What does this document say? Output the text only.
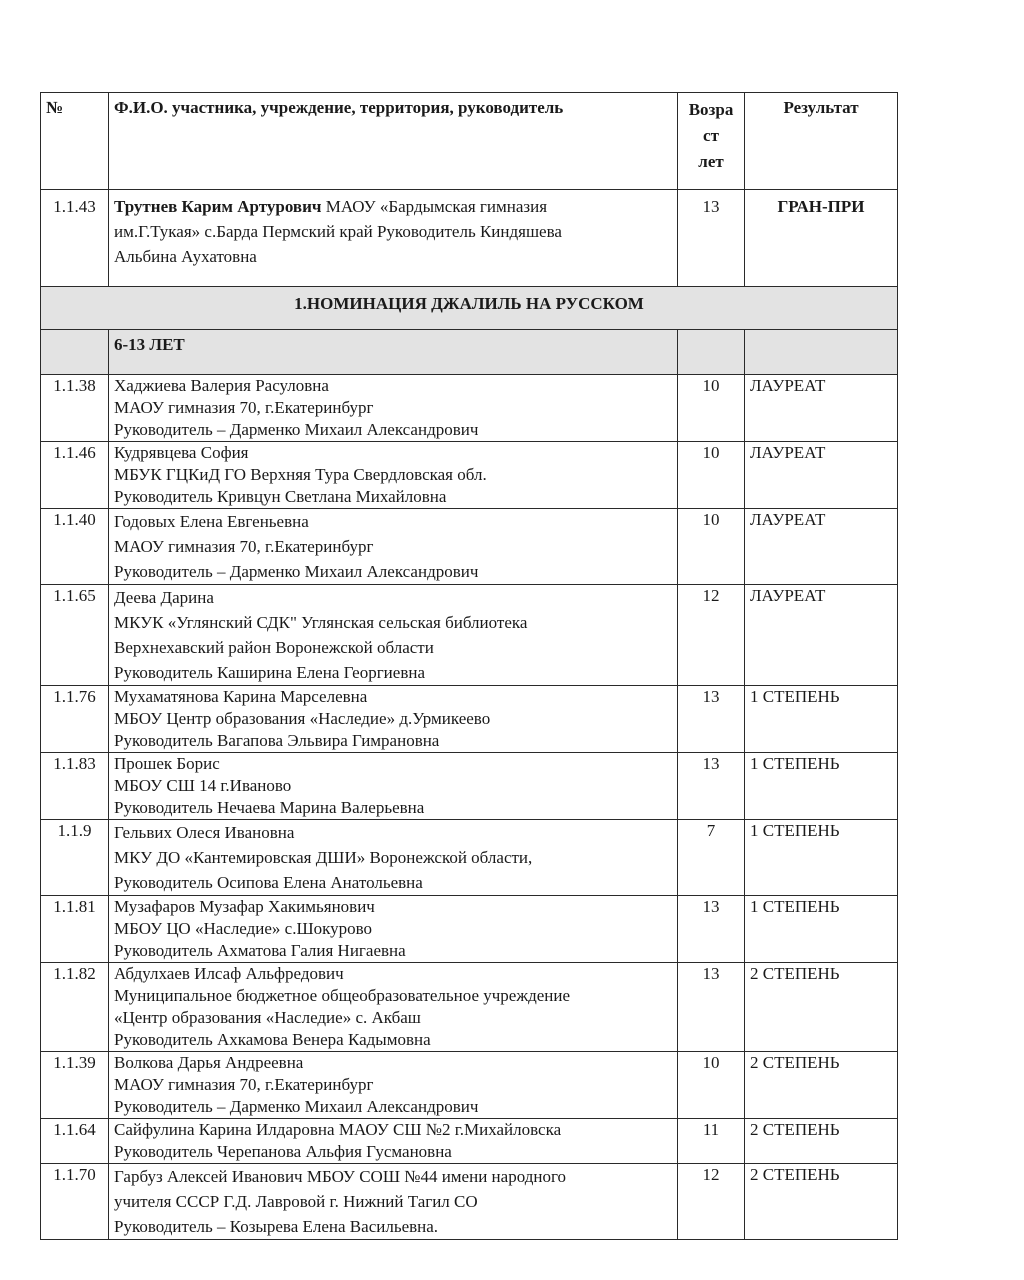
№	Ф.И.О. участника, учреждение, территория, руководитель	Возра
ст
лет	Результат
1.1.43	Трутнев Карим Артурович МАОУ «Бардымская гимназия
им.Г.Тукая» с.Барда Пермский край Руководитель Киндяшева
Альбина Аухатовна	13	ГРАН-ПРИ
1.НОМИНАЦИЯ ДЖАЛИЛЬ НА РУССКОМ			
	6-13 ЛЕТ		
1.1.38	Хаджиева Валерия Расуловна
МАОУ гимназия 70, г.Екатеринбург
Руководитель – Дарменко Михаил Александрович	10	ЛАУРЕАТ
1.1.46	Кудрявцева София
МБУК ГЦКиД ГО Верхняя Тура Свердловская обл.
Руководитель Кривцун Светлана Михайловна	10	ЛАУРЕАТ
1.1.40	Годовых Елена Евгеньевна
МАОУ гимназия 70, г.Екатеринбург
Руководитель – Дарменко Михаил Александрович	10	ЛАУРЕАТ
1.1.65	Деева Дарина
МКУК «Углянский СДК" Углянская сельская библиотека
Верхнехавский район Воронежской области
Руководитель Каширина Елена Георгиевна	12	ЛАУРЕАТ
1.1.76	Мухаматянова Карина Марселевна
МБОУ Центр образования «Наследие» д.Урмикеево
Руководитель Вагапова Эльвира Гимрановна	13	1 СТЕПЕНЬ
1.1.83	Прошек Борис
МБОУ СШ 14 г.Иваново
Руководитель Нечаева Марина Валерьевна	13	1 СТЕПЕНЬ
1.1.9	Гельвих Олеся Ивановна
МКУ ДО «Кантемировская ДШИ» Воронежской области,
Руководитель Осипова Елена Анатольевна	7	1 СТЕПЕНЬ
1.1.81	Музафаров Музафар Хакимьянович
МБОУ ЦО «Наследие» с.Шокурово
Руководитель Ахматова Галия Нигаевна	13	1 СТЕПЕНЬ
1.1.82	Абдулхаев Илсаф Альфредович
Муниципальное бюджетное общеобразовательное учреждение
«Центр образования «Наследие» с. Акбаш
Руководитель Ахкамова Венера Кадымовна	13	2 СТЕПЕНЬ
1.1.39	Волкова Дарья Андреевна
МАОУ гимназия 70, г.Екатеринбург
Руководитель – Дарменко Михаил Александрович	10	2 СТЕПЕНЬ
1.1.64	Сайфулина Карина Илдаровна МАОУ СШ №2 г.Михайловска
Руководитель Черепанова Альфия Гусмановна	11	2 СТЕПЕНЬ
1.1.70	Гарбуз Алексей Иванович МБОУ СОШ №44 имени народного
учителя СССР Г.Д. Лавровой г. Нижний Тагил СО
Руководитель – Козырева Елена Васильевна.	12	2 СТЕПЕНЬ
